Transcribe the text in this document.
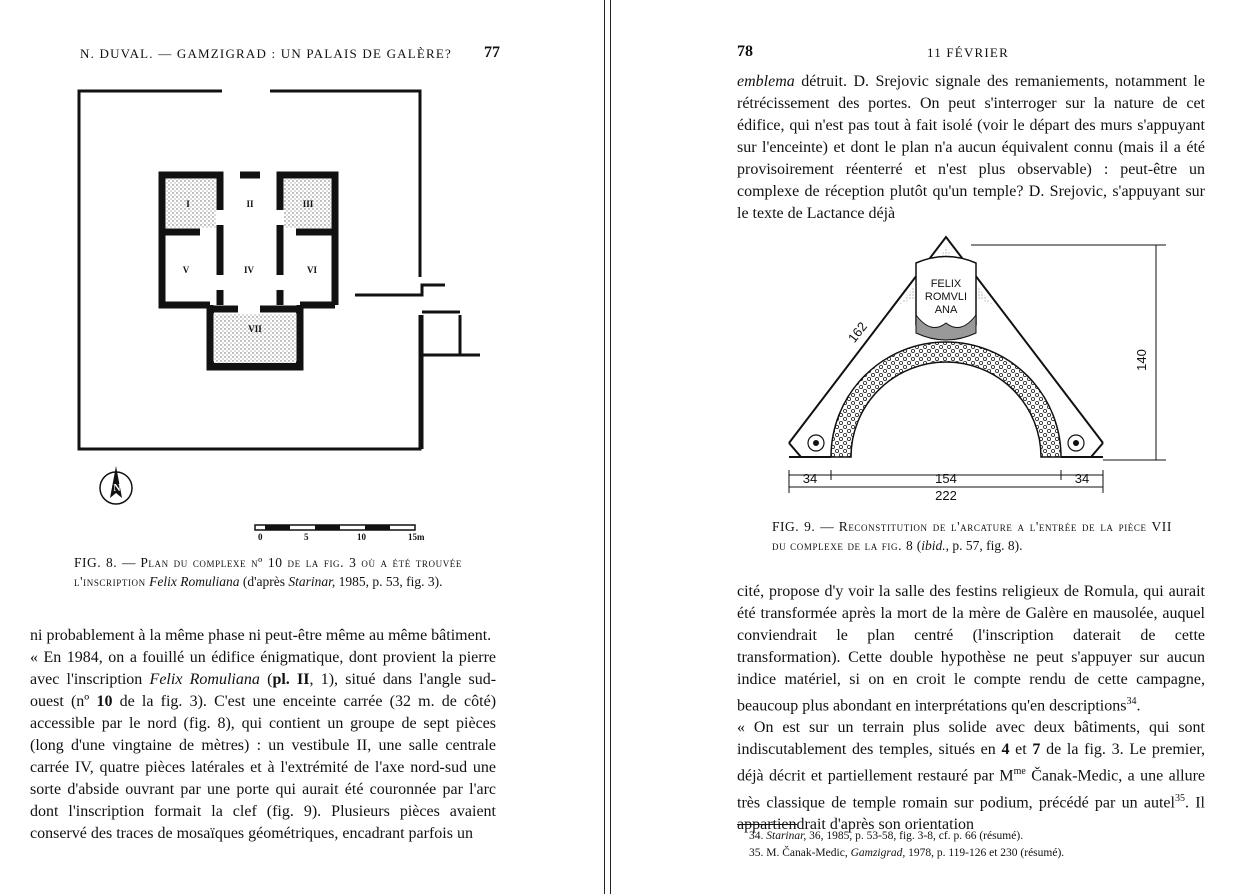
N. DUVAL. — GAMZIGRAD : UN PALAIS DE GALÈRE? 77
I	II	III
V	IV	VI
VII
N
0	5	10	15m
FIG. 8. — Plan du complexe nº 10 de la fig. 3 où a été trouvée l'inscription Felix Romuliana (d'après Starinar, 1985, p. 53, fig. 3).

ni probablement à la même phase ni peut-être même au même bâtiment.

« En 1984, on a fouillé un édifice énigmatique, dont provient la pierre avec l'inscription Felix Romuliana (pl. II, 1), situé dans l'angle sud-ouest (nº 10 de la fig. 3). C'est une enceinte carrée (32 m. de côté) accessible par le nord (fig. 8), qui contient un groupe de sept pièces (long d'une vingtaine de mètres) : un vestibule II, une salle centrale carrée IV, quatre pièces latérales et à l'extrémité de l'axe nord-sud une sorte d'abside ouvrant par une porte qui aurait été couronnée par l'arc dont l'inscription formait la clef (fig. 9). Plusieurs pièces avaient conservé des traces de mosaïques géométriques, encadrant parfois un

78	11 FÉVRIER

emblema détruit. D. Srejovic signale des remaniements, notamment le rétrécissement des portes. On peut s'interroger sur la nature de cet édifice, qui n'est pas tout à fait isolé (voir le départ des murs s'appuyant sur l'enceinte) et dont le plan n'a aucun équivalent connu (mais il a été provisoirement réenterré et n'est plus observable) : peut-être un complexe de réception plutôt qu'un temple? D. Srejovic, s'appuyant sur le texte de Lactance déjà

FELIX
ROMVLI
ANA
162
140
34	154	34
222
FIG. 9. — Reconstitution de l'arcature a l'entrée de la pièce VII du complexe de la fig. 8 (ibid., p. 57, fig. 8).

cité, propose d'y voir la salle des festins religieux de Romula, qui aurait été transformée après la mort de la mère de Galère en mausolée, auquel conviendrait le plan centré (l'inscription daterait de cette transformation). Cette double hypothèse ne peut s'appuyer sur aucun indice matériel, si on en croit le compte rendu de cette campagne, beaucoup plus abondant en interprétations qu'en descriptions$^{34}$.

« On est sur un terrain plus solide avec deux bâtiments, qui sont indiscutablement des temples, situés en 4 et 7 de la fig. 3. Le premier, déjà décrit et partiellement restauré par $M^{me}$ Čanak-Medic, a une allure très classique de temple romain sur podium, précédé par un autel$^{35}$. Il appartiendrait d'après son orientation

34. Starinar, 36, 1985, p. 53-58, fig. 3-8, cf. p. 66 (résumé).
35. M. Čanak-Medic, Gamzigrad, 1978, p. 119-126 et 230 (résumé).
